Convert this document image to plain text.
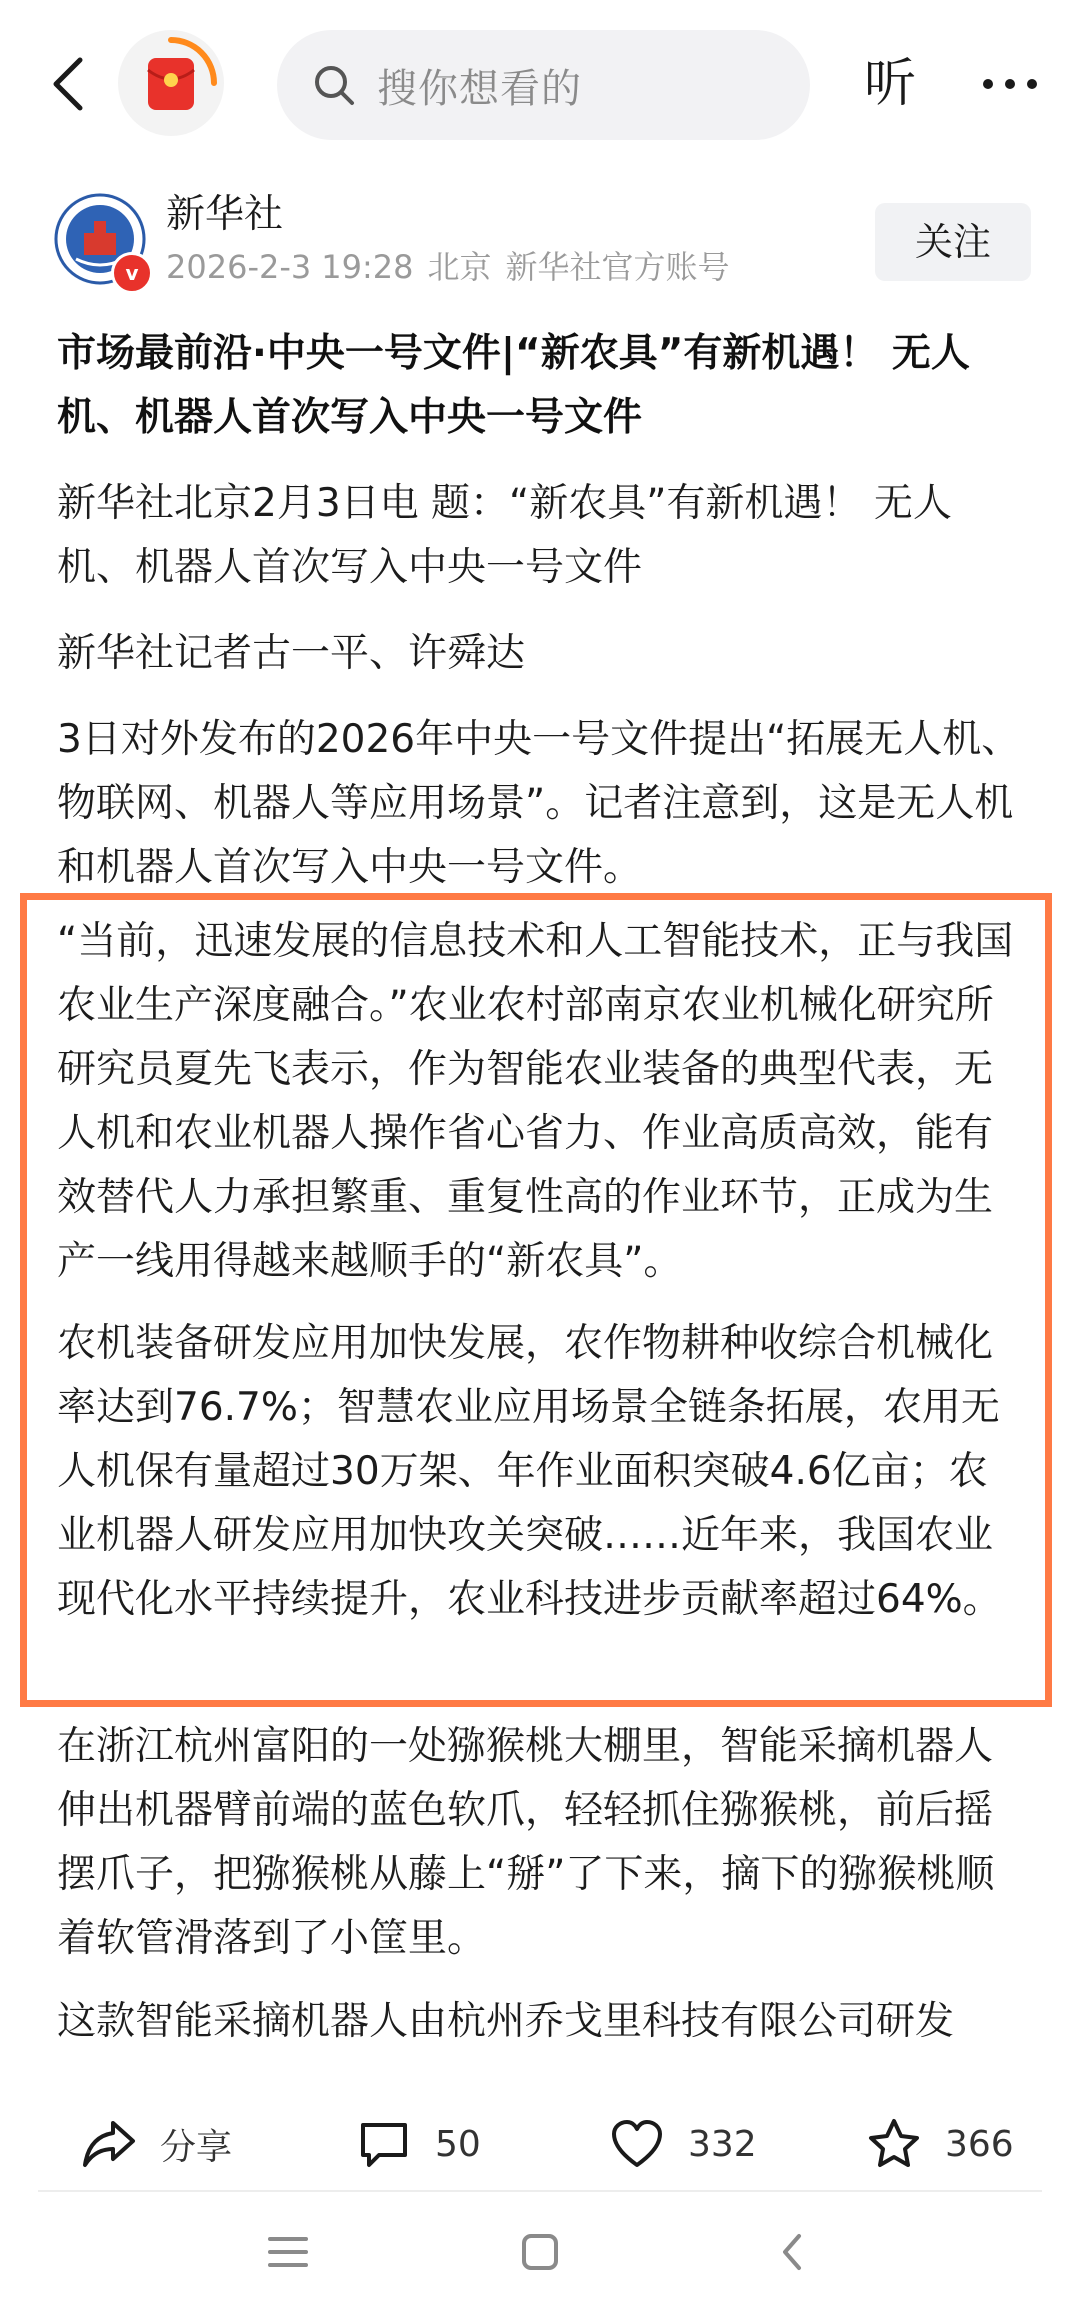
搜你想看的	听
v
新华社
2026-2-3 19:28 北京 新华社官方账号
关注
市场最前沿·中央一号文件|“新农具”有新机遇！ 无人机、机器人首次写入中央一号文件

新华社北京2月3日电 题：“新农具”有新机遇！ 无人机、机器人首次写入中央一号文件

新华社记者古一平、许舜达

3日对外发布的2026年中央一号文件提出“拓展无人机、物联网、机器人等应用场景”。记者注意到，这是无人机和机器人首次写入中央一号文件。

“当前，迅速发展的信息技术和人工智能技术，正与我国农业生产深度融合。”农业农村部南京农业机械化研究所研究员夏先飞表示，作为智能农业装备的典型代表，无人机和农业机器人操作省心省力、作业高质高效，能有效替代人力承担繁重、重复性高的作业环节，正成为生产一线用得越来越顺手的“新农具”。

农机装备研发应用加快发展，农作物耕种收综合机械化率达到76.7%；智慧农业应用场景全链条拓展，农用无人机保有量超过30万架、年作业面积突破4.6亿亩；农业机器人研发应用加快攻关突破……近年来，我国农业现代化水平持续提升，农业科技进步贡献率超过64%。

在浙江杭州富阳的一处猕猴桃大棚里，智能采摘机器人伸出机器臂前端的蓝色软爪，轻轻抓住猕猴桃，前后摇摆爪子，把猕猴桃从藤上“掰”了下来，摘下的猕猴桃顺着软管滑落到了小筐里。

这款智能采摘机器人由杭州乔戈里科技有限公司研发

分享	50	332	366
